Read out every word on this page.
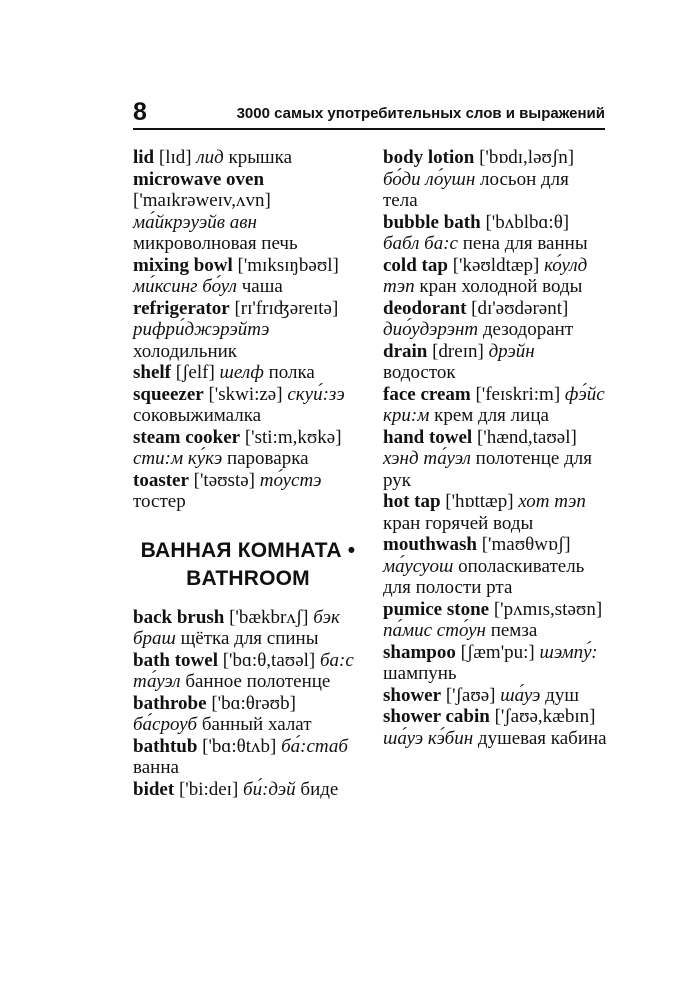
8	3000 самых употребительных слов и выражений

lid [lɪd] лид крышка

microwave oven ['maɪkrəweɪv,ʌvn] ма́йкрэуэйв авн микроволновая печь

mixing bowl ['mɪksɪŋbəʊl] ми́ксинг бо́ул чаша

refrigerator [rɪ'frɪʤəreɪtə] рифри́джэрэйтэ холодильник

shelf [ʃelf] шелф полка

squeezer ['skwi:zə] скуи́:зэ соковыжималка

steam cooker ['sti:m,kʊkə] сти:м ку́кэ пароварка

toaster ['təʊstə] то́устэ тостер

ВАННАЯ КОМНАТА • BATHROOM

back brush ['bækbrʌʃ] бэк браш щётка для спины

bath towel ['bɑ:θ,taʊəl] ба:с та́уэл банное полотенце

bathrobe ['bɑ:θrəʊb] ба́сроуб банный халат

bathtub ['bɑ:θtʌb] ба́:стаб ванна

bidet ['bi:deɪ] би́:дэй биде

body lotion ['bɒdɪ,ləʊʃn] бо́ди ло́ушн лосьон для тела

bubble bath ['bʌblbɑ:θ] бабл ба:с пена для ванны

cold tap ['kəʊldtæp] ко́улд тэп кран холодной воды

deodorant [dɪ'əʊdərənt] дио́удэрэнт дезодорант

drain [dreɪn] дрэйн водосток

face cream ['feɪskri:m] фэ́йс кри:м крем для лица

hand towel ['hænd,taʊəl] хэнд та́уэл полотенце для рук

hot tap ['hɒttæp] хот тэп кран горячей воды

mouthwash ['maʊθwɒʃ] ма́усуош ополаскиватель для полости рта

pumice stone ['pʌmɪs,stəʊn] па́мис сто́ун пемза

shampoo [ʃæm'pu:] шэмпу́: шампунь

shower ['ʃaʊə] ша́уэ душ

shower cabin ['ʃaʊə,kæbɪn] ша́уэ кэ́бин душевая кабина
